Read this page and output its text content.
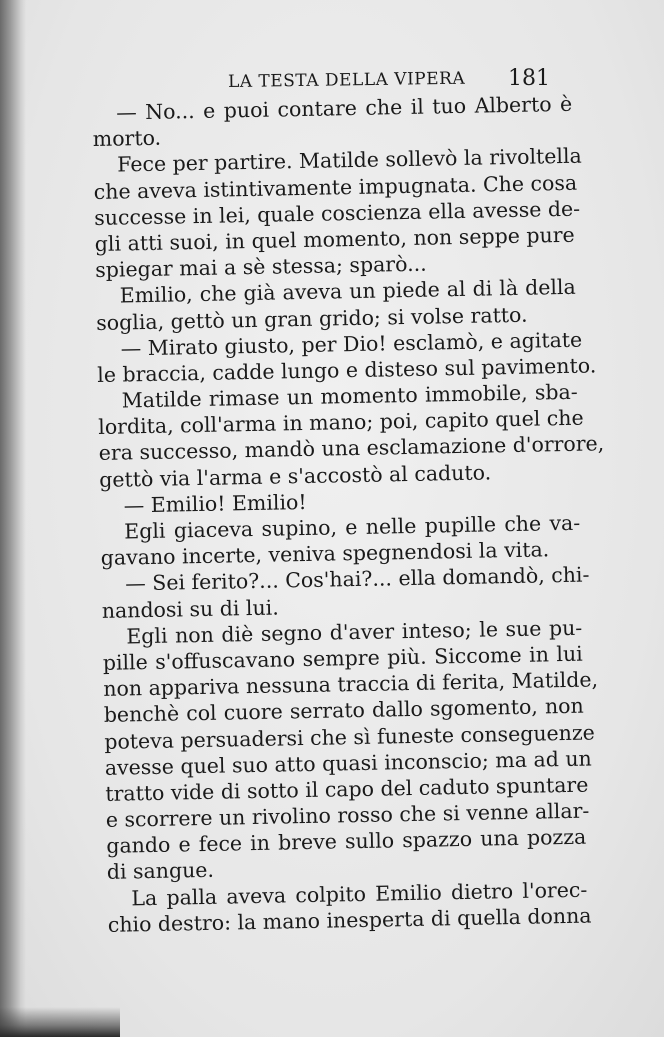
LA TESTA DELLA VIPERA 181
— No... e puoi contare che il tuo Alberto è
morto.
Fece per partire. Matilde sollevò la rivoltella
che aveva istintivamente impugnata. Che cosa
successe in lei, quale coscienza ella avesse de-
gli atti suoi, in quel momento, non seppe pure
spiegar mai a sè stessa; sparò...
Emilio, che già aveva un piede al di là della
soglia, gettò un gran grido; si volse ratto.
— Mirato giusto, per Dio! esclamò, e agitate
le braccia, cadde lungo e disteso sul pavimento.
Matilde rimase un momento immobile, sba-
lordita, coll'arma in mano; poi, capito quel che
era successo, mandò una esclamazione d'orrore,
gettò via l'arma e s'accostò al caduto.
— Emilio! Emilio!
Egli giaceva supino, e nelle pupille che va-
gavano incerte, veniva spegnendosi la vita.
— Sei ferito?... Cos'hai?... ella domandò, chi-
nandosi su di lui.
Egli non diè segno d'aver inteso; le sue pu-
pille s'offuscavano sempre più. Siccome in lui
non appariva nessuna traccia di ferita, Matilde,
benchè col cuore serrato dallo sgomento, non
poteva persuadersi che sì funeste conseguenze
avesse quel suo atto quasi inconscio; ma ad un
tratto vide di sotto il capo del caduto spuntare
e scorrere un rivolino rosso che si venne allar-
gando e fece in breve sullo spazzo una pozza
di sangue.
La palla aveva colpito Emilio dietro l'orec-
chio destro: la mano inesperta di quella donna
